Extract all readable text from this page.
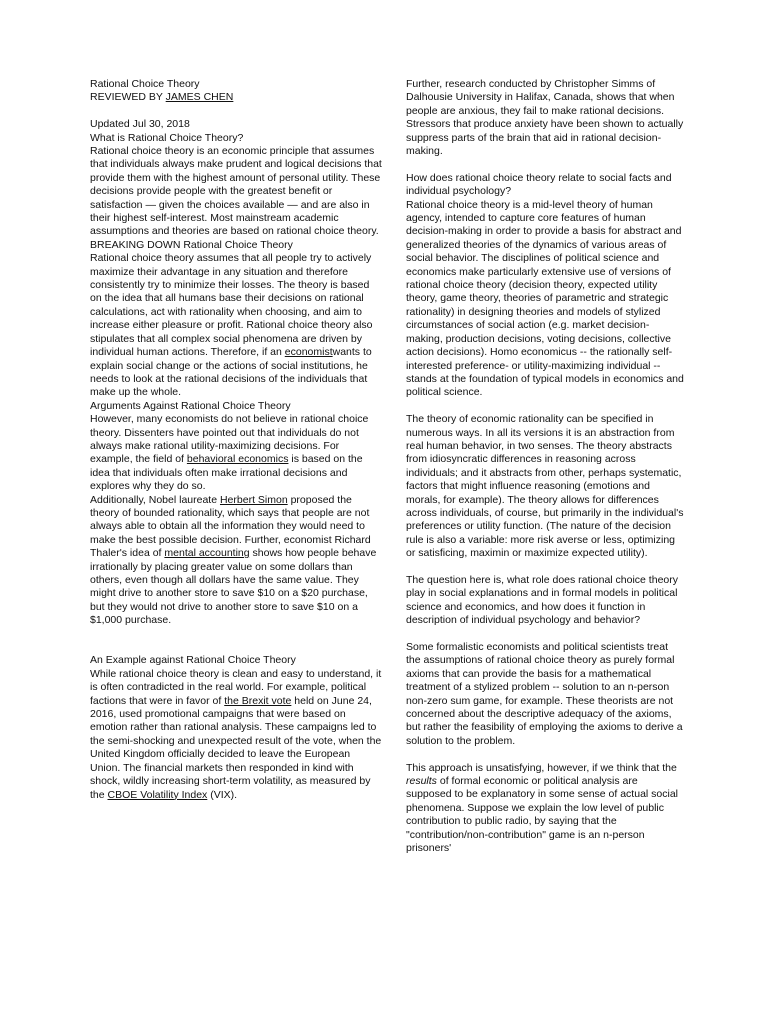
Rational Choice Theory

REVIEWED BY JAMES CHEN

Updated Jul 30, 2018

What is Rational Choice Theory?

Rational choice theory is an economic principle that assumes that individuals always make prudent and logical decisions that provide them with the highest amount of personal utility. These decisions provide people with the greatest benefit or satisfaction — given the choices available — and are also in their highest self-interest. Most mainstream academic assumptions and theories are based on rational choice theory.

BREAKING DOWN Rational Choice Theory

Rational choice theory assumes that all people try to actively maximize their advantage in any situation and therefore consistently try to minimize their losses. The theory is based on the idea that all humans base their decisions on rational calculations, act with rationality when choosing, and aim to increase either pleasure or profit. Rational choice theory also stipulates that all complex social phenomena are driven by individual human actions. Therefore, if an economistwants to explain social change or the actions of social institutions, he needs to look at the rational decisions of the individuals that make up the whole.

Arguments Against Rational Choice Theory

However, many economists do not believe in rational choice theory. Dissenters have pointed out that individuals do not always make rational utility-maximizing decisions. For example, the field of behavioral economics is based on the idea that individuals often make irrational decisions and explores why they do so.

Additionally, Nobel laureate Herbert Simon proposed the theory of bounded rationality, which says that people are not always able to obtain all the information they would need to make the best possible decision. Further, economist Richard Thaler's idea of mental accounting shows how people behave irrationally by placing greater value on some dollars than others, even though all dollars have the same value. They might drive to another store to save $10 on a $20 purchase, but they would not drive to another store to save $10 on a $1,000 purchase.

An Example against Rational Choice Theory

While rational choice theory is clean and easy to understand, it is often contradicted in the real world. For example, political factions that were in favor of the Brexit vote held on June 24, 2016, used promotional campaigns that were based on emotion rather than rational analysis. These campaigns led to the semi-shocking and unexpected result of the vote, when the United Kingdom officially decided to leave the European Union. The financial markets then responded in kind with shock, wildly increasing short-term volatility, as measured by the CBOE Volatility Index (VIX).

Further, research conducted by Christopher Simms of Dalhousie University in Halifax, Canada, shows that when people are anxious, they fail to make rational decisions. Stressors that produce anxiety have been shown to actually suppress parts of the brain that aid in rational decision-making.

How does rational choice theory relate to social facts and individual psychology?

Rational choice theory is a mid-level theory of human agency, intended to capture core features of human decision-making in order to provide a basis for abstract and generalized theories of the dynamics of various areas of social behavior. The disciplines of political science and economics make particularly extensive use of versions of rational choice theory (decision theory, expected utility theory, game theory, theories of parametric and strategic rationality) in designing theories and models of stylized circumstances of social action (e.g. market decision-making, production decisions, voting decisions, collective action decisions). Homo economicus -- the rationally self-interested preference- or utility-maximizing individual -- stands at the foundation of typical models in economics and political science.

The theory of economic rationality can be specified in numerous ways. In all its versions it is an abstraction from real human behavior, in two senses. The theory abstracts from idiosyncratic differences in reasoning across individuals; and it abstracts from other, perhaps systematic, factors that might influence reasoning (emotions and morals, for example). The theory allows for differences across individuals, of course, but primarily in the individual's preferences or utility function. (The nature of the decision rule is also a variable: more risk averse or less, optimizing or satisficing, maximin or maximize expected utility).

The question here is, what role does rational choice theory play in social explanations and in formal models in political science and economics, and how does it function in description of individual psychology and behavior?

Some formalistic economists and political scientists treat the assumptions of rational choice theory as purely formal axioms that can provide the basis for a mathematical treatment of a stylized problem -- solution to an n-person non-zero sum game, for example. These theorists are not concerned about the descriptive adequacy of the axioms, but rather the feasibility of employing the axioms to derive a solution to the problem.

This approach is unsatisfying, however, if we think that the results of formal economic or political analysis are supposed to be explanatory in some sense of actual social phenomena. Suppose we explain the low level of public contribution to public radio, by saying that the "contribution/non-contribution" game is an n-person prisoners'
